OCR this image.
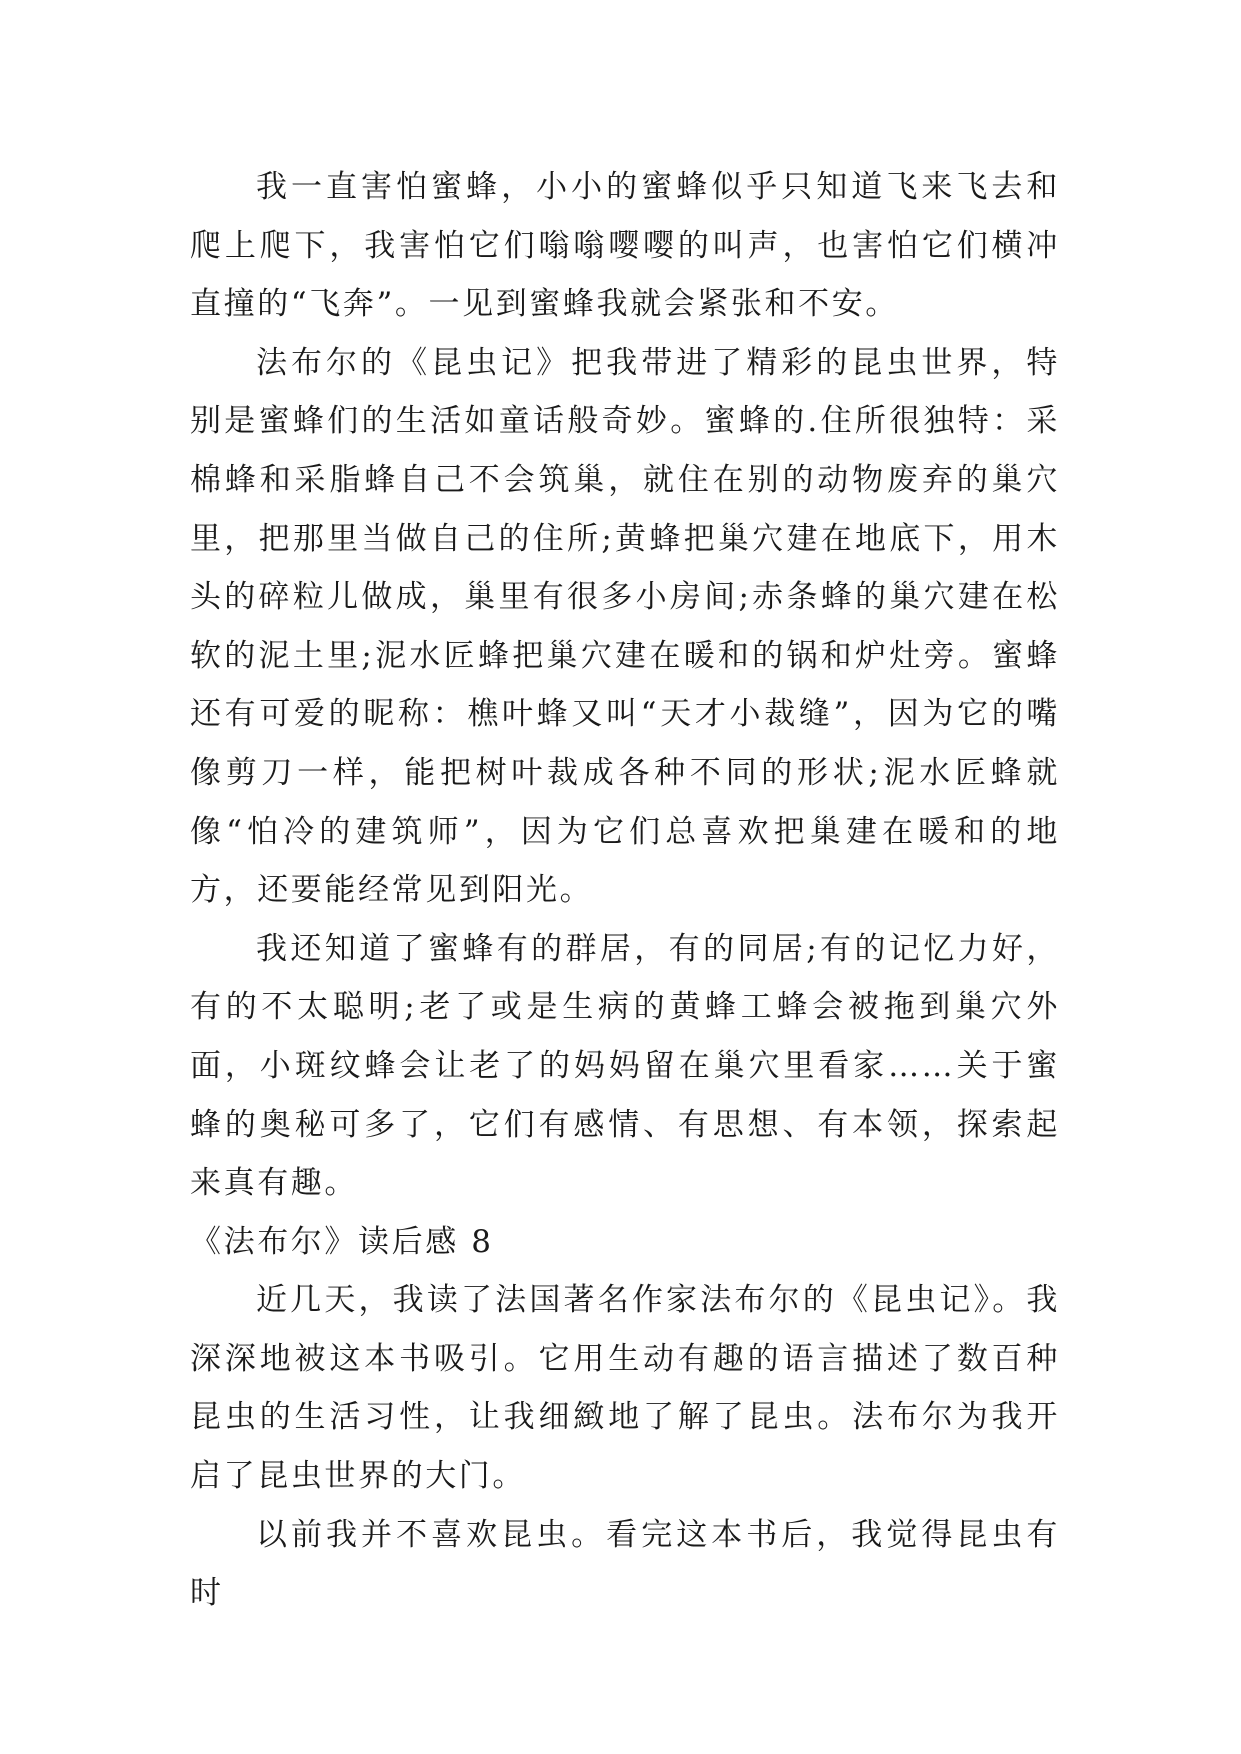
我一直害怕蜜蜂，小小的蜜蜂似乎只知道飞来飞去和爬上爬下，我害怕它们嗡嗡嘤嘤的叫声，也害怕它们横冲直撞的“飞奔”。一见到蜜蜂我就会紧张和不安。

法布尔的《昆虫记》把我带进了精彩的昆虫世界，特别是蜜蜂们的生活如童话般奇妙。蜜蜂的.住所很独特：采棉蜂和采脂蜂自己不会筑巢，就住在别的动物废弃的巢穴里，把那里当做自己的住所;黄蜂把巢穴建在地底下，用木头的碎粒儿做成，巢里有很多小房间;赤条蜂的巢穴建在松软的泥土里;泥水匠蜂把巢穴建在暖和的锅和炉灶旁。蜜蜂还有可爱的昵称：樵叶蜂又叫“天才小裁缝”，因为它的嘴像剪刀一样，能把树叶裁成各种不同的形状;泥水匠蜂就像“怕冷的建筑师”，因为它们总喜欢把巢建在暖和的地方，还要能经常见到阳光。

我还知道了蜜蜂有的群居，有的同居;有的记忆力好，有的不太聪明;老了或是生病的黄蜂工蜂会被拖到巢穴外面，小斑纹蜂会让老了的妈妈留在巢穴里看家……关于蜜蜂的奥秘可多了，它们有感情、有思想、有本领，探索起来真有趣。

《法布尔》读后感 8

近几天，我读了法国著名作家法布尔的《昆虫记》。我深深地被这本书吸引。它用生动有趣的语言描述了数百种昆虫的生活习性，让我细緻地了解了昆虫。法布尔为我开启了昆虫世界的大门。

以前我并不喜欢昆虫。看完这本书后，我觉得昆虫有时
